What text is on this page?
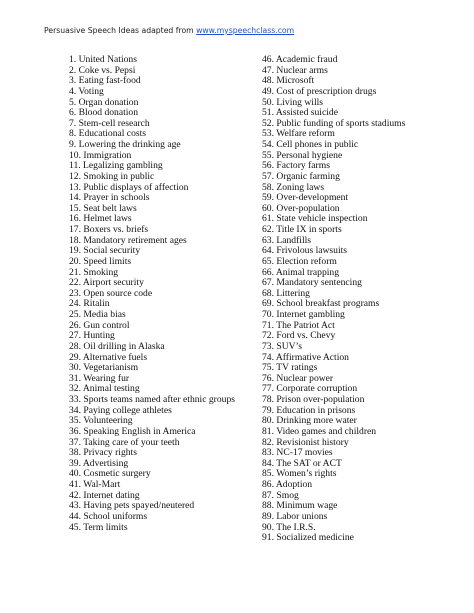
Persuasive Speech Ideas adapted from www.myspeechclass.com
1. United Nations
2. Coke vs. Pepsi
3. Eating fast-food
4. Voting
5. Organ donation
6. Blood donation
7. Stem-cell research
8. Educational costs
9. Lowering the drinking age
10. Immigration
11. Legalizing gambling
12. Smoking in public
13. Public displays of affection
14. Prayer in schools
15. Seat belt laws
16. Helmet laws
17. Boxers vs. briefs
18. Mandatory retirement ages
19. Social security
20. Speed limits
21. Smoking
22. Airport security
23. Open source code
24. Ritalin
25. Media bias
26. Gun control
27. Hunting
28. Oil drilling in Alaska
29. Alternative fuels
30. Vegetarianism
31. Wearing fur
32. Animal testing
33. Sports teams named after ethnic groups
34. Paying college athletes
35. Volunteering
36. Speaking English in America
37. Taking care of your teeth
38. Privacy rights
39. Advertising
40. Cosmetic surgery
41. Wal-Mart
42. Internet dating
43. Having pets spayed/neutered
44. School uniforms
45. Term limits
46. Academic fraud
47. Nuclear arms
48. Microsoft
49. Cost of prescription drugs
50. Living wills
51. Assisted suicide
52. Public funding of sports stadiums
53. Welfare reform
54. Cell phones in public
55. Personal hygiene
56. Factory farms
57. Organic farming
58. Zoning laws
59. Over-development
60. Over-population
61. State vehicle inspection
62. Title IX in sports
63. Landfills
64. Frivolous lawsuits
65. Election reform
66. Animal trapping
67. Mandatory sentencing
68. Littering
69. School breakfast programs
70. Internet gambling
71. The Patriot Act
72. Ford vs. Chevy
73. SUV’s
74. Affirmative Action
75. TV ratings
76. Nuclear power
77. Corporate corruption
78. Prison over-population
79. Education in prisons
80. Drinking more water
81. Video games and children
82. Revisionist history
83. NC-17 movies
84. The SAT or ACT
85. Women’s rights
86. Adoption
87. Smog
88. Minimum wage
89. Labor unions
90. The I.R.S.
91. Socialized medicine
